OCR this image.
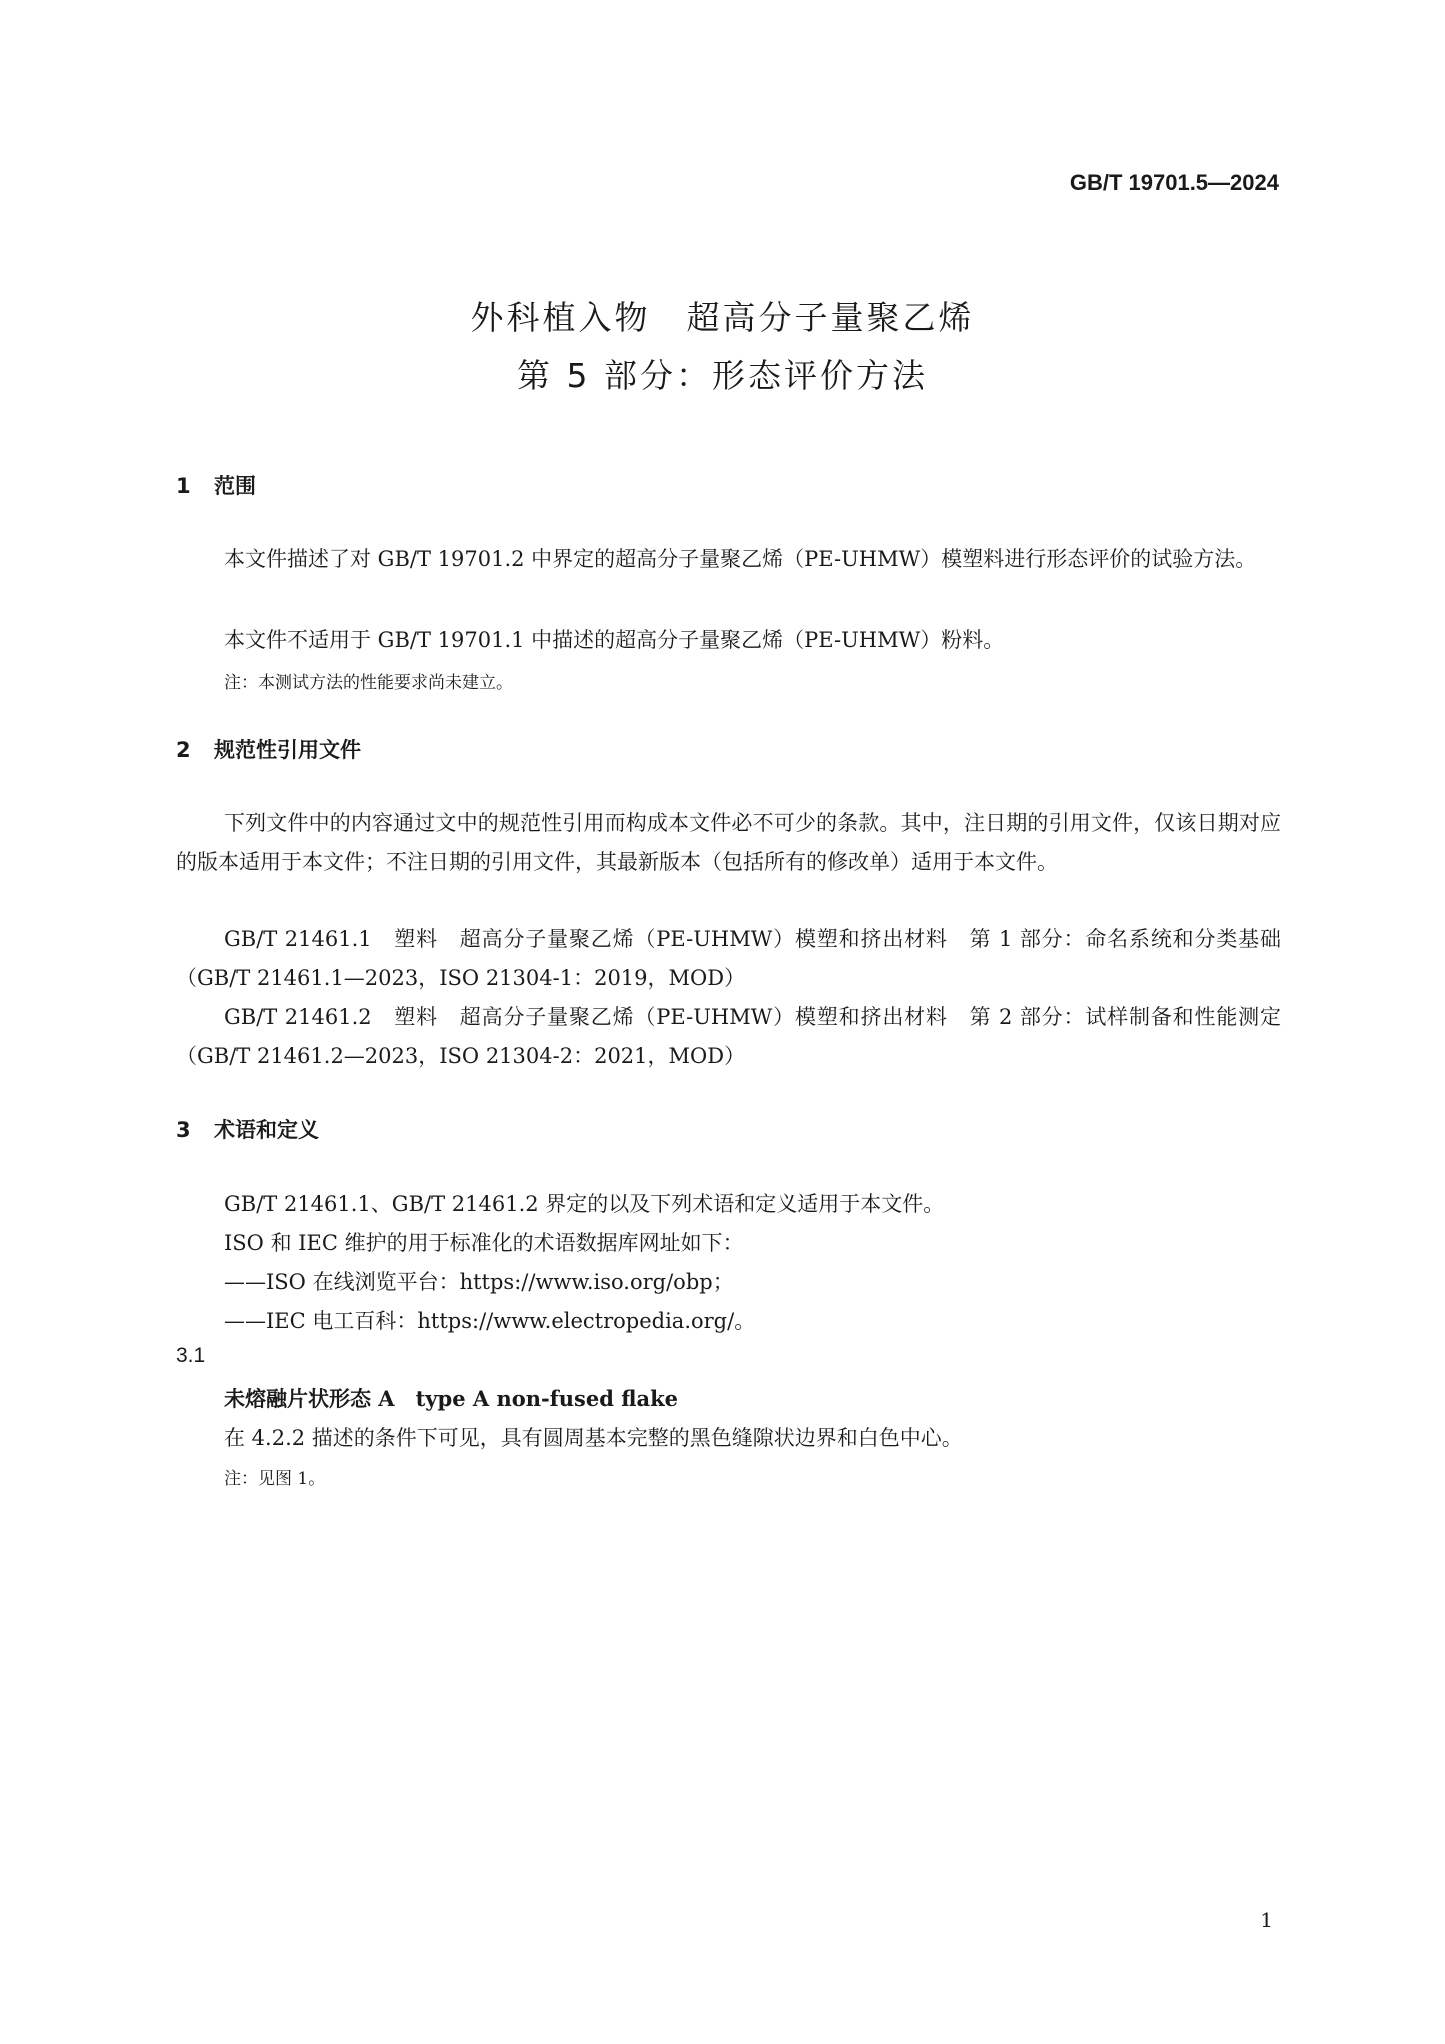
GB/T 19701.5—2024
外科植入物　超高分子量聚乙烯
第 5 部分：形态评价方法
1 范围
本文件描述了对 GB/T 19701.2 中界定的超高分子量聚乙烯（PE-UHMW）模塑料进行形态评价的试验方法。
本文件不适用于 GB/T 19701.1 中描述的超高分子量聚乙烯（PE-UHMW）粉料。
注：本测试方法的性能要求尚未建立。
2 规范性引用文件
下列文件中的内容通过文中的规范性引用而构成本文件必不可少的条款。其中，注日期的引用文件，仅该日期对应的版本适用于本文件；不注日期的引用文件，其最新版本（包括所有的修改单）适用于本文件。
GB/T 21461.1　塑料　超高分子量聚乙烯（PE-UHMW）模塑和挤出材料　第 1 部分：命名系统和分类基础（GB/T 21461.1—2023，ISO 21304-1：2019，MOD）
GB/T 21461.2　塑料　超高分子量聚乙烯（PE-UHMW）模塑和挤出材料　第 2 部分：试样制备和性能测定（GB/T 21461.2—2023，ISO 21304-2：2021，MOD）
3 术语和定义
GB/T 21461.1、GB/T 21461.2 界定的以及下列术语和定义适用于本文件。
ISO 和 IEC 维护的用于标准化的术语数据库网址如下：
——ISO 在线浏览平台：https://www.iso.org/obp；
——IEC 电工百科：https://www.electropedia.org/。
3.1
未熔融片状形态 A　type A non-fused flake
在 4.2.2 描述的条件下可见，具有圆周基本完整的黑色缝隙状边界和白色中心。
注：见图 1。
1
